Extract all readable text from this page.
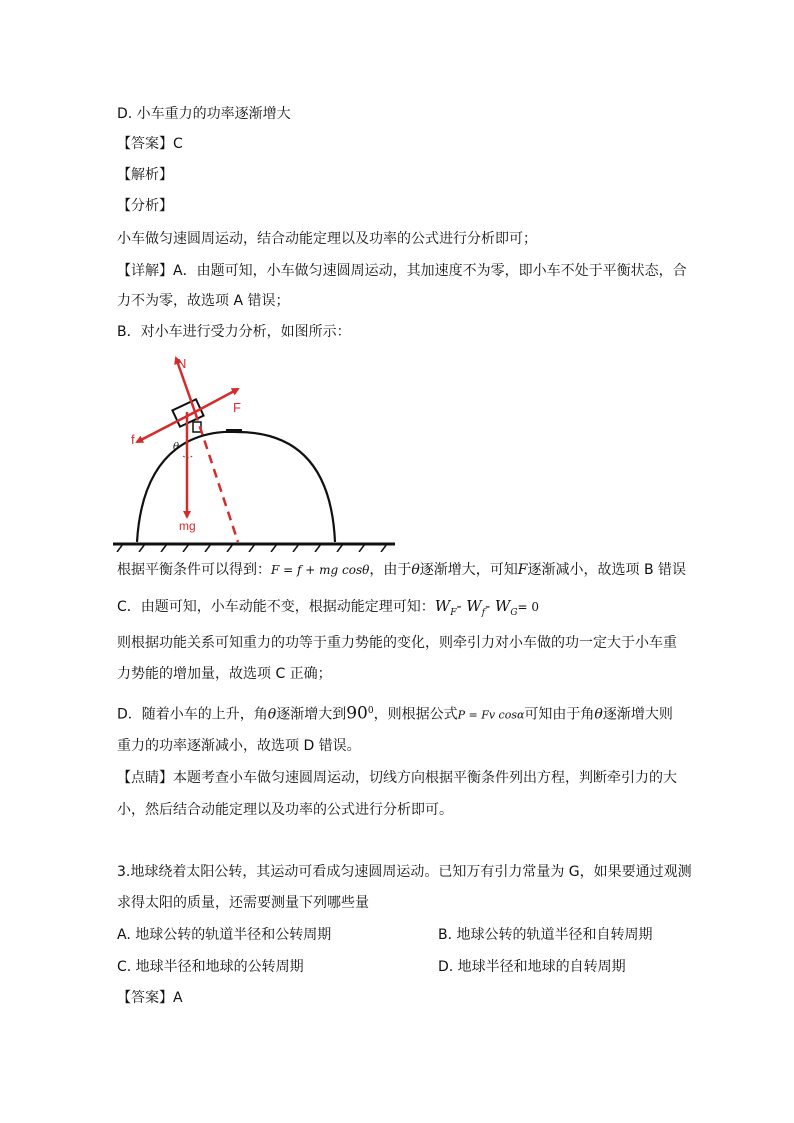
D. 小车重力的功率逐渐增大
【答案】C
【解析】
【分析】
小车做匀速圆周运动，结合动能定理以及功率的公式进行分析即可；
【详解】A．由题可知，小车做匀速圆周运动，其加速度不为零，即小车不处于平衡状态，合
力不为零，故选项 A 错误；
B．对小车进行受力分析，如图所示：
N
F
f
θ
mg
根据平衡条件可以得到：F = f + mg cosθ，由于θ逐渐增大，可知F逐渐减小，故选项 B 错误
C．由题可知，小车动能不变，根据动能定理可知：$W_F-$ $W_f-$ $W_G= 0$
则根据功能关系可知重力的功等于重力势能的变化，则牵引力对小车做的功一定大于小车重
力势能的增加量，故选项 C 正确；
D．随着小车的上升，角θ逐渐增大到$90^0$，则根据公式P = Fv cosα可知由于角θ逐渐增大则
重力的功率逐渐减小，故选项 D 错误。
【点睛】本题考查小车做匀速圆周运动，切线方向根据平衡条件列出方程，判断牵引力的大
小，然后结合动能定理以及功率的公式进行分析即可。
3.地球绕着太阳公转，其运动可看成匀速圆周运动。已知万有引力常量为 G，如果要通过观测
求得太阳的质量，还需要测量下列哪些量
A. 地球公转的轨道半径和公转周期	B. 地球公转的轨道半径和自转周期
C. 地球半径和地球的公转周期	D. 地球半径和地球的自转周期
【答案】A
